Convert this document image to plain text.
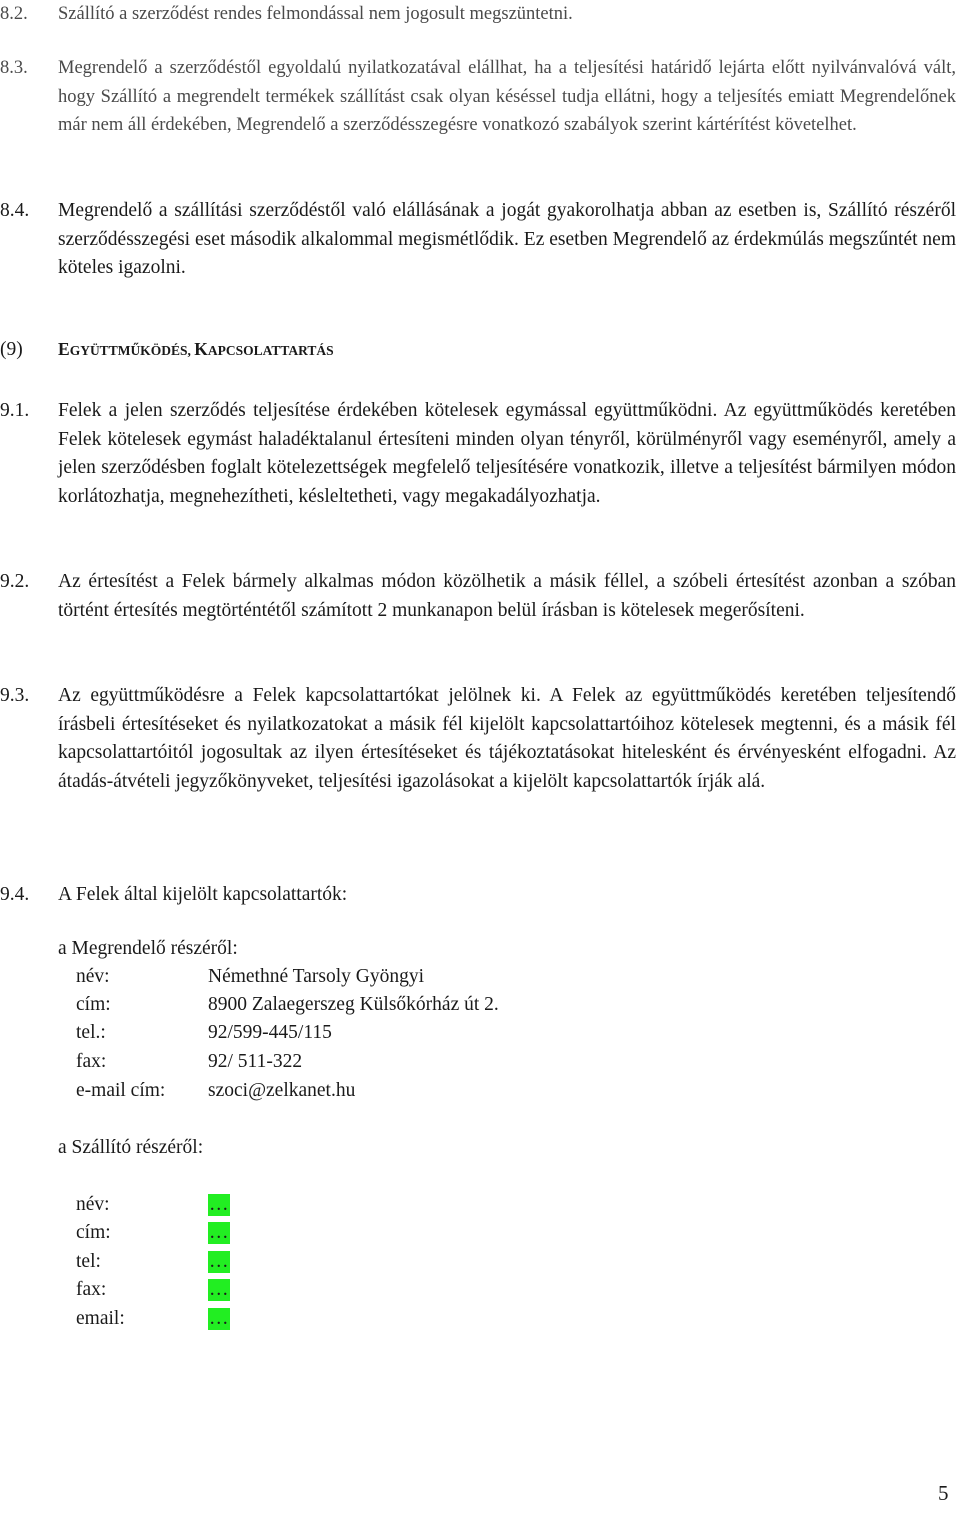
8.2. Szállító a szerződést rendes felmondással nem jogosult megszüntetni.
8.3. Megrendelő a szerződéstől egyoldalú nyilatkozatával elállhat, ha a teljesítési határidő lejárta előtt nyilvánvalóvá vált, hogy Szállító a megrendelt termékek szállítást csak olyan késéssel tudja ellátni, hogy a teljesítés emiatt Megrendelőnek már nem áll érdekében, Megrendelő a szerződésszegésre vonatkozó szabályok szerint kártérítést követelhet.
8.4. Megrendelő a szállítási szerződéstől való elállásának a jogát gyakorolhatja abban az esetben is, Szállító részéről szerződésszegési eset második alkalommal megismétlődik. Ez esetben Megrendelő az érdekmúlás megszűntét nem köteles igazolni.
(9) EGYÜTTMŰKÖDÉS, KAPCSOLATTARTÁS
9.1. Felek a jelen szerződés teljesítése érdekében kötelesek egymással együttműködni. Az együttműködés keretében Felek kötelesek egymást haladéktalanul értesíteni minden olyan tényről, körülményről vagy eseményről, amely a jelen szerződésben foglalt kötelezettségek megfelelő teljesítésére vonatkozik, illetve a teljesítést bármilyen módon korlátozhatja, megnehezítheti, késleltetheti, vagy megakadályozhatja.
9.2. Az értesítést a Felek bármely alkalmas módon közölhetik a másik féllel, a szóbeli értesítést azonban a szóban történt értesítés megtörténtétől számított 2 munkanapon belül írásban is kötelesek megerősíteni.
9.3. Az együttműködésre a Felek kapcsolattartókat jelölnek ki. A Felek az együttműködés keretében teljesítendő írásbeli értesítéseket és nyilatkozatokat a másik fél kijelölt kapcsolattartóihoz kötelesek megtenni, és a másik fél kapcsolattartóitól jogosultak az ilyen értesítéseket és tájékoztatásokat hitelesként és érvényesként elfogadni. Az átadás-átvételi jegyzőkönyveket, teljesítési igazolásokat a kijelölt kapcsolattartók írják alá.
9.4. A Felek által kijelölt kapcsolattartók:
a Megrendelő részéről:
név:	Némethné Tarsoly Gyöngyi
cím:	8900 Zalaegerszeg Külsőkórház út 2.
tel.:	92/599-445/115
fax:	92/ 511-322
e-mail cím: szoci@zelkanet.hu
a Szállító részéről:
név:	…
cím:	…
tel:	…
fax:	…
email:	…
5
